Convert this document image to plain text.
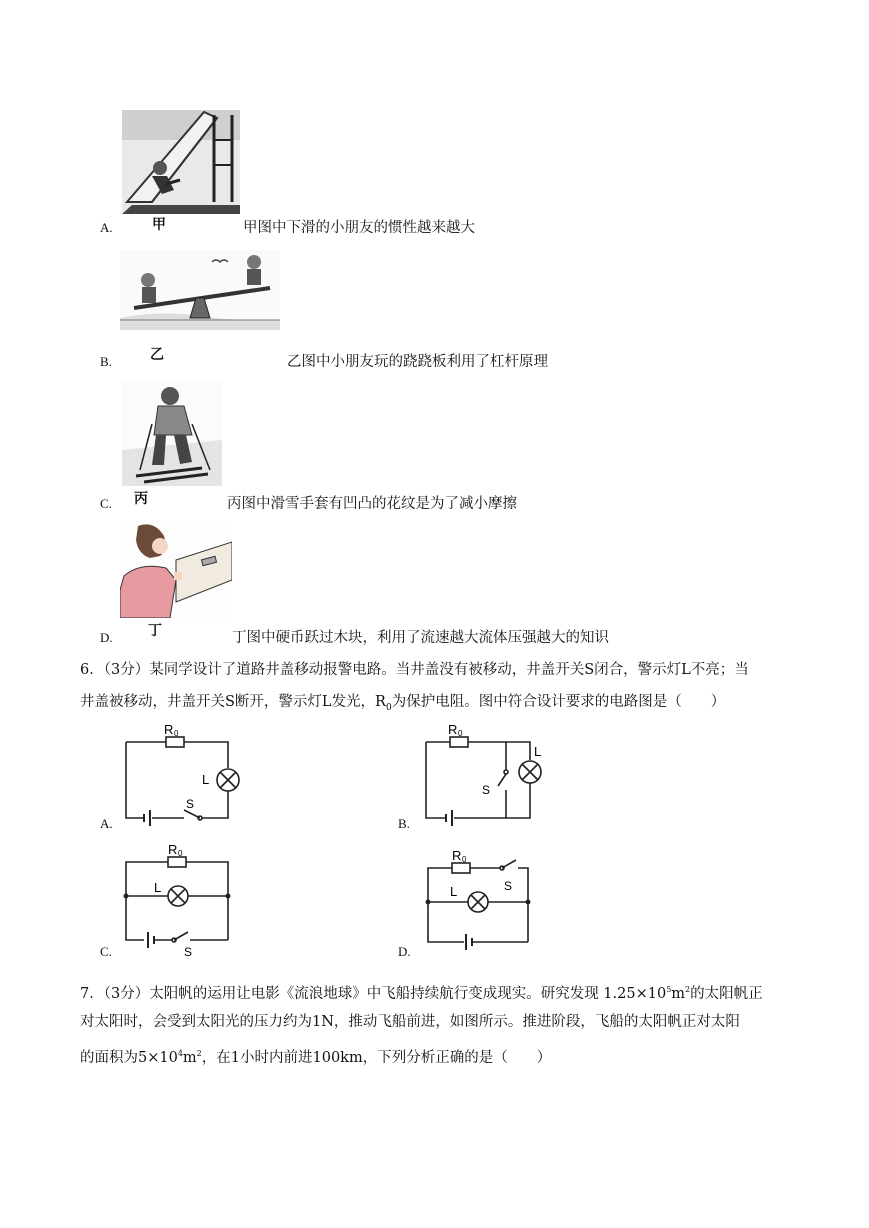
甲
A.	甲图中下滑的小朋友的惯性越来越大
乙
B.	乙图中小朋友玩的跷跷板利用了杠杆原理
丙
C.	丙图中滑雪手套有凹凸的花纹是为了减小摩擦
丁
D.	丁图中硬币跃过木块，利用了流速越大流体压强越大的知识
6．（3分）某同学设计了道路井盖移动报警电路。当井盖没有被移动，井盖开关S闭合，警示灯L不亮；当
井盖被移动，井盖开关S断开，警示灯L发光，$R_0$为保护电阻。图中符合设计要求的电路图是（　　）
R 0
L
S
A.
R 0
L
S
B.
R 0
L
S
C.
R 0
L	S
D.
7．（3分）太阳帆的运用让电影《流浪地球》中飞船持续航行变成现实。研究发现 $1.25\times 10^5m^2$的太阳帆正
对太阳时，会受到太阳光的压力约为1N，推动飞船前进，如图所示。推进阶段，飞船的太阳帆正对太阳
的面积为$5\times 10^4m^2$，在1小时内前进100km，下列分析正确的是（　　）
